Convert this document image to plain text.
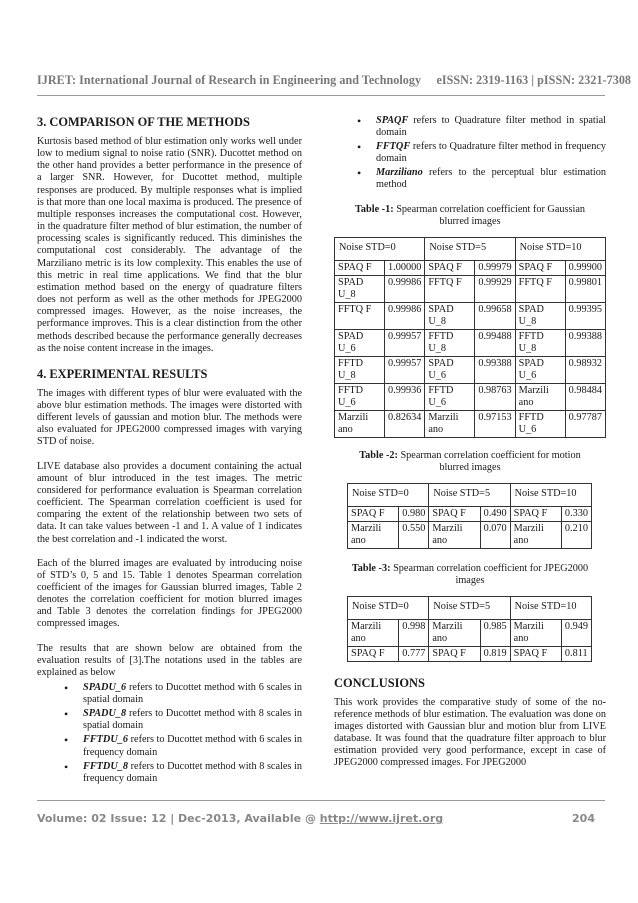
IJRET: International Journal of Research in Engineering and Technology eISSN: 2319-1163 | pISSN: 2321-7308
3. COMPARISON OF THE METHODS

Kurtosis based method of blur estimation only works well under low to medium signal to noise ratio (SNR). Ducottet method on the other hand provides a better performance in the presence of a larger SNR. However, for Ducottet method, multiple responses are produced. By multiple responses what is implied is that more than one local maxima is produced. The presence of multiple responses increases the computational cost. However, in the quadrature filter method of blur estimation, the number of processing scales is significantly reduced. This diminishes the computational cost considerably. The advantage of the Marziliano metric is its low complexity. This enables the use of this metric in real time applications. We find that the blur estimation method based on the energy of quadrature filters does not perform as well as the other methods for JPEG2000 compressed images. However, as the noise increases, the performance improves. This is a clear distinction from the other methods described because the performance generally decreases as the noise content increase in the images.

4. EXPERIMENTAL RESULTS

The images with different types of blur were evaluated with the above blur estimation methods. The images were distorted with different levels of gaussian and motion blur. The methods were also evaluated for JPEG2000 compressed images with varying STD of noise.

LIVE database also provides a document containing the actual amount of blur introduced in the test images. The metric considered for performance evaluation is Spearman correlation coefficient. The Spearman correlation coefficient is used for comparing the extent of the relationship between two sets of data. It can take values between -1 and 1. A value of 1 indicates the best correlation and -1 indicated the worst.

Each of the blurred images are evaluated by introducing noise of STD’s 0, 5 and 15. Table 1 denotes Spearman correlation coefficient of the images for Gaussian blurred images, Table 2 denotes the correlation coefficient for motion blurred images and Table 3 denotes the correlation findings for JPEG2000 compressed images.

The results that are shown below are obtained from the evaluation results of [3].The notations used in the tables are explained as below

• SPADU_6 refers to Ducottet method with 6 scales in spatial domain
• SPADU_8 refers to Ducottet method with 8 scales in spatial domain
• FFTDU_6 refers to Ducottet method with 6 scales in frequency domain
• FFTDU_8 refers to Ducottet method with 8 scales in frequency domain
• SPAQF refers to Quadrature filter method in spatial domain
• FFTQF refers to Quadrature filter method in frequency domain
• Marziliano refers to the perceptual blur estimation method
Table -1: Spearman correlation coefficient for Gaussian blurred images
Noise STD=0		Noise STD=5		Noise STD=10	
SPAQ F	1.00000	SPAQ F	0.99979	SPAQ F	0.99900
SPAD U_8	0.99986	FFTQ F	0.99929	FFTQ F	0.99801
FFTQ F	0.99986	SPAD U_8	0.99658	SPAD U_8	0.99395
SPAD U_6	0.99957	FFTD U_8	0.99488	FFTD U_8	0.99388
FFTD U_8	0.99957	SPAD U_6	0.99388	SPAD U_6	0.98932
FFTD U_6	0.99936	FFTD U_6	0.98763	Marzili ano	0.98484
Marzili ano	0.82634	Marzili ano	0.97153	FFTD U_6	0.97787
Table -2: Spearman correlation coefficient for motion blurred images
Noise STD=0		Noise STD=5		Noise STD=10	
SPAQ F	0.980	SPAQ F	0.490	SPAQ F	0.330
Marzili ano	0.550	Marzili ano	0.070	Marzili ano	0.210
Table -3: Spearman correlation coefficient for JPEG2000 images
Noise STD=0		Noise STD=5		Noise STD=10	
Marzili ano	0.998	Marzili ano	0.985	Marzili ano	0.949
SPAQ F	0.777	SPAQ F	0.819	SPAQ F	0.811
CONCLUSIONS

This work provides the comparative study of some of the no-reference methods of blur estimation. The evaluation was done on images distorted with Gaussian blur and motion blur from LIVE database. It was found that the quadrature filter approach to blur estimation provided very good performance, except in case of JPEG2000 compressed images. For JPEG2000

Volume: 02 Issue: 12 | Dec-2013, Available @ http://www.ijret.org	204
